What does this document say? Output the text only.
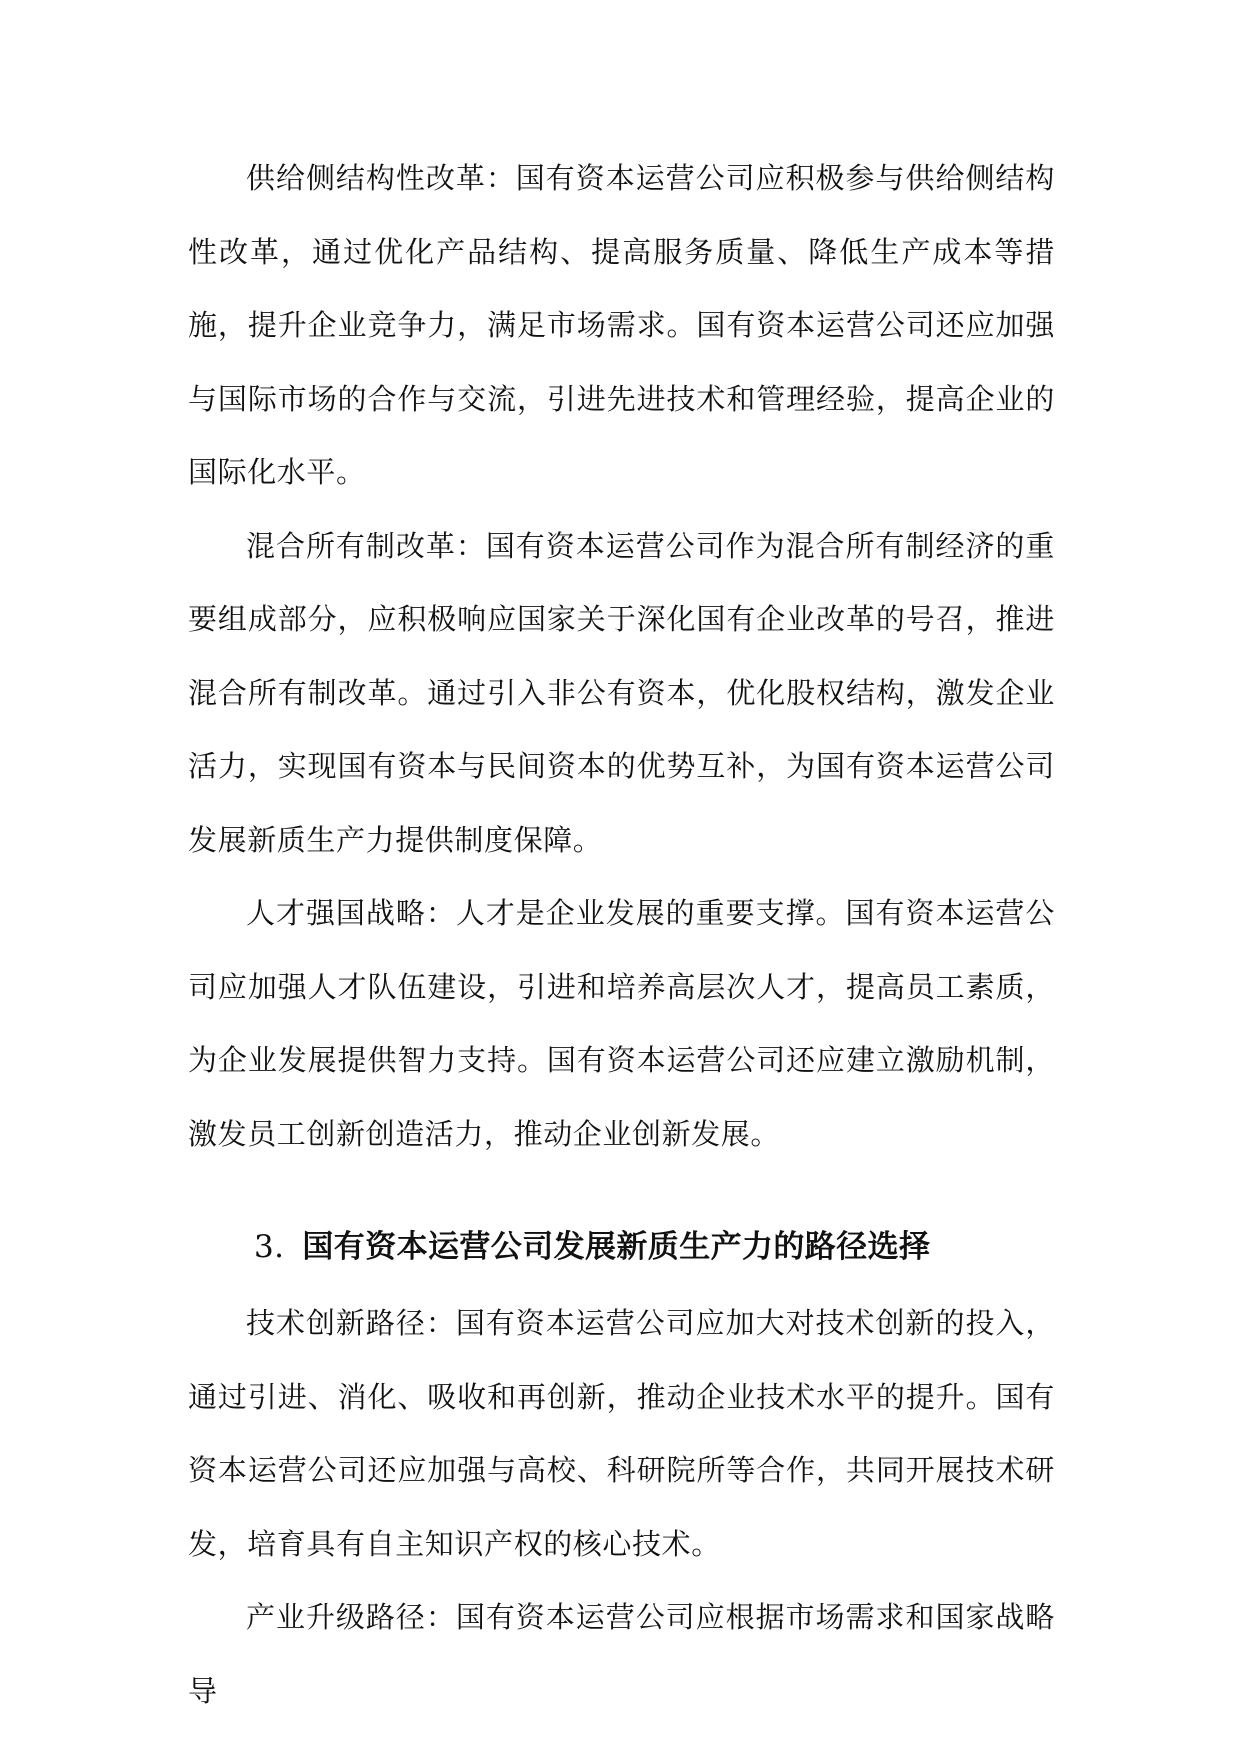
供给侧结构性改革：国有资本运营公司应积极参与供给侧结构性改革，通过优化产品结构、提高服务质量、降低生产成本等措施，提升企业竞争力，满足市场需求。国有资本运营公司还应加强与国际市场的合作与交流，引进先进技术和管理经验，提高企业的国际化水平。

混合所有制改革：国有资本运营公司作为混合所有制经济的重要组成部分，应积极响应国家关于深化国有企业改革的号召，推进混合所有制改革。通过引入非公有资本，优化股权结构，激发企业活力，实现国有资本与民间资本的优势互补，为国有资本运营公司发展新质生产力提供制度保障。

人才强国战略：人才是企业发展的重要支撑。国有资本运营公司应加强人才队伍建设，引进和培养高层次人才，提高员工素质，为企业发展提供智力支持。国有资本运营公司还应建立激励机制，激发员工创新创造活力，推动企业创新发展。

3. 国有资本运营公司发展新质生产力的路径选择

技术创新路径：国有资本运营公司应加大对技术创新的投入，通过引进、消化、吸收和再创新，推动企业技术水平的提升。国有资本运营公司还应加强与高校、科研院所等合作，共同开展技术研发，培育具有自主知识产权的核心技术。

产业升级路径：国有资本运营公司应根据市场需求和国家战略导
